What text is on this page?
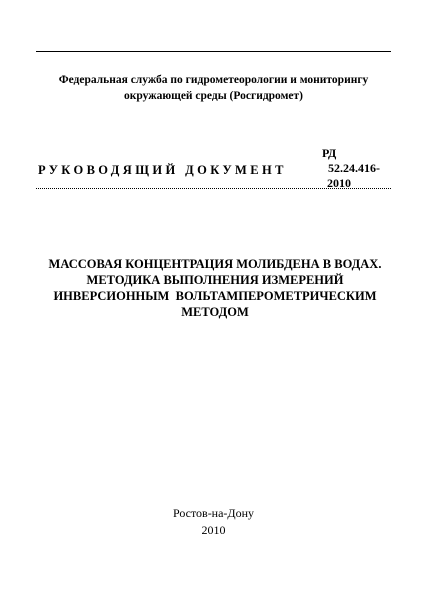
Федеральная служба по гидрометеорологии и мониторингу
окружающей среды (Росгидромет)
РУКОВОДЯЩИЙ ДОКУМЕНТ
РД
52.24.416-
2010
МАССОВАЯ КОНЦЕНТРАЦИЯ МОЛИБДЕНА В ВОДАХ.
МЕТОДИКА ВЫПОЛНЕНИЯ ИЗМЕРЕНИЙ
ИНВЕРСИОННЫМ  ВОЛЬТАМПЕРОМЕТРИЧЕСКИМ
МЕТОДОМ
Ростов-на-Дону
2010
